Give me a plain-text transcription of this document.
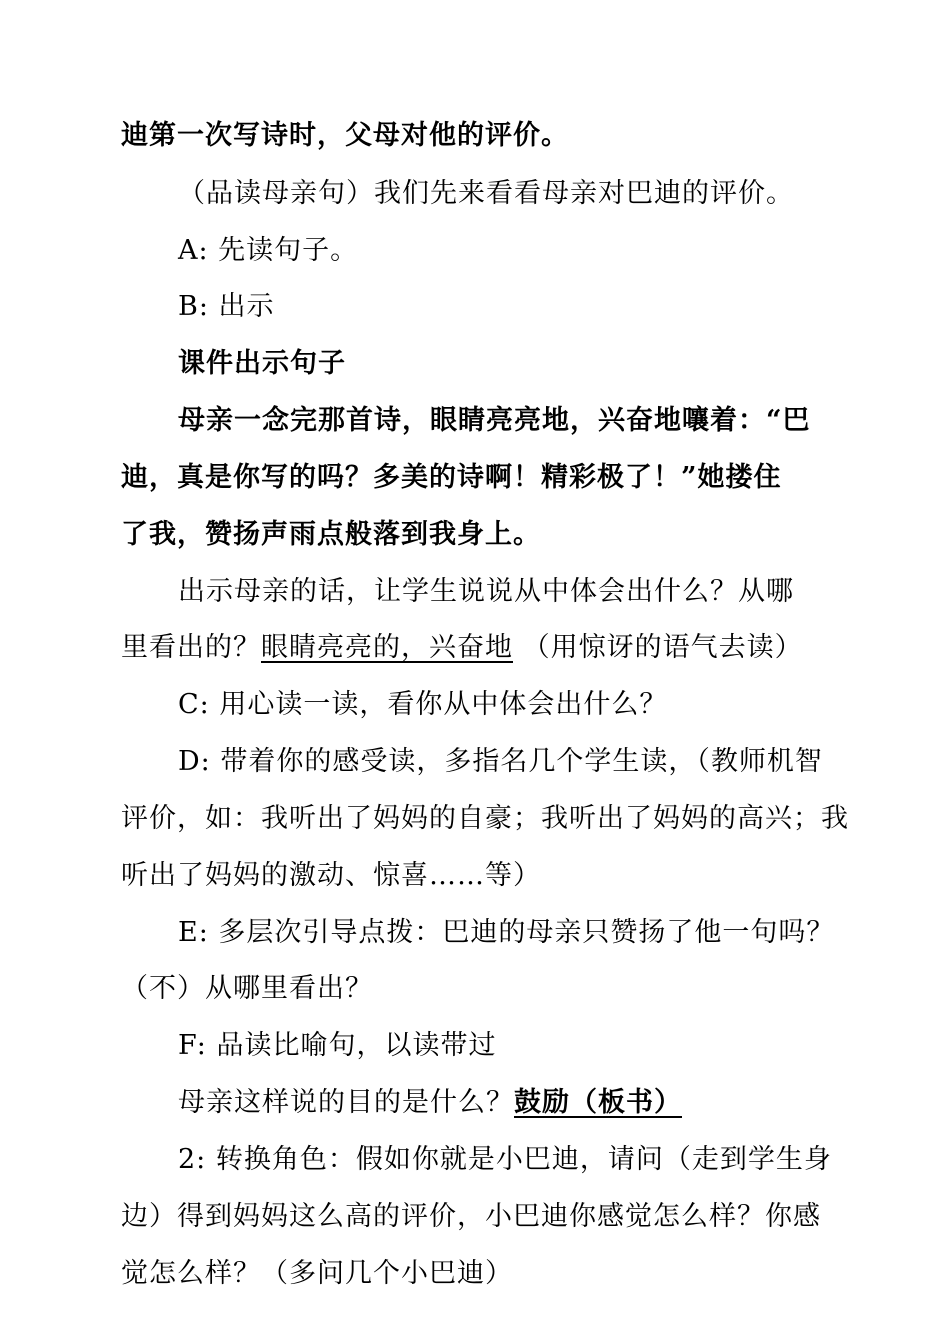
迪第一次写诗时，父母对他的评价。
（品读母亲句）我们先来看看母亲对巴迪的评价。
A: 先读句子。
B: 出示
课件出示句子
母亲一念完那首诗，眼睛亮亮地，兴奋地嚷着：“巴
迪，真是你写的吗？多美的诗啊！精彩极了！”她搂住
了我，赞扬声雨点般落到我身上。
出示母亲的话，让学生说说从中体会出什么？从哪
里看出的？眼睛亮亮的，兴奋地 （用惊讶的语气去读）
C: 用心读一读，看你从中体会出什么？
D: 带着你的感受读，多指名几个学生读，（教师机智
评价，如：我听出了妈妈的自豪；我听出了妈妈的高兴；我
听出了妈妈的激动、惊喜……等）
E: 多层次引导点拨：巴迪的母亲只赞扬了他一句吗？
（不）从哪里看出？
F: 品读比喻句，以读带过
母亲这样说的目的是什么？鼓励（板书）
2: 转换角色：假如你就是小巴迪，请问（走到学生身
边）得到妈妈这么高的评价，小巴迪你感觉怎么样？你感
觉怎么样？（多问几个小巴迪）
